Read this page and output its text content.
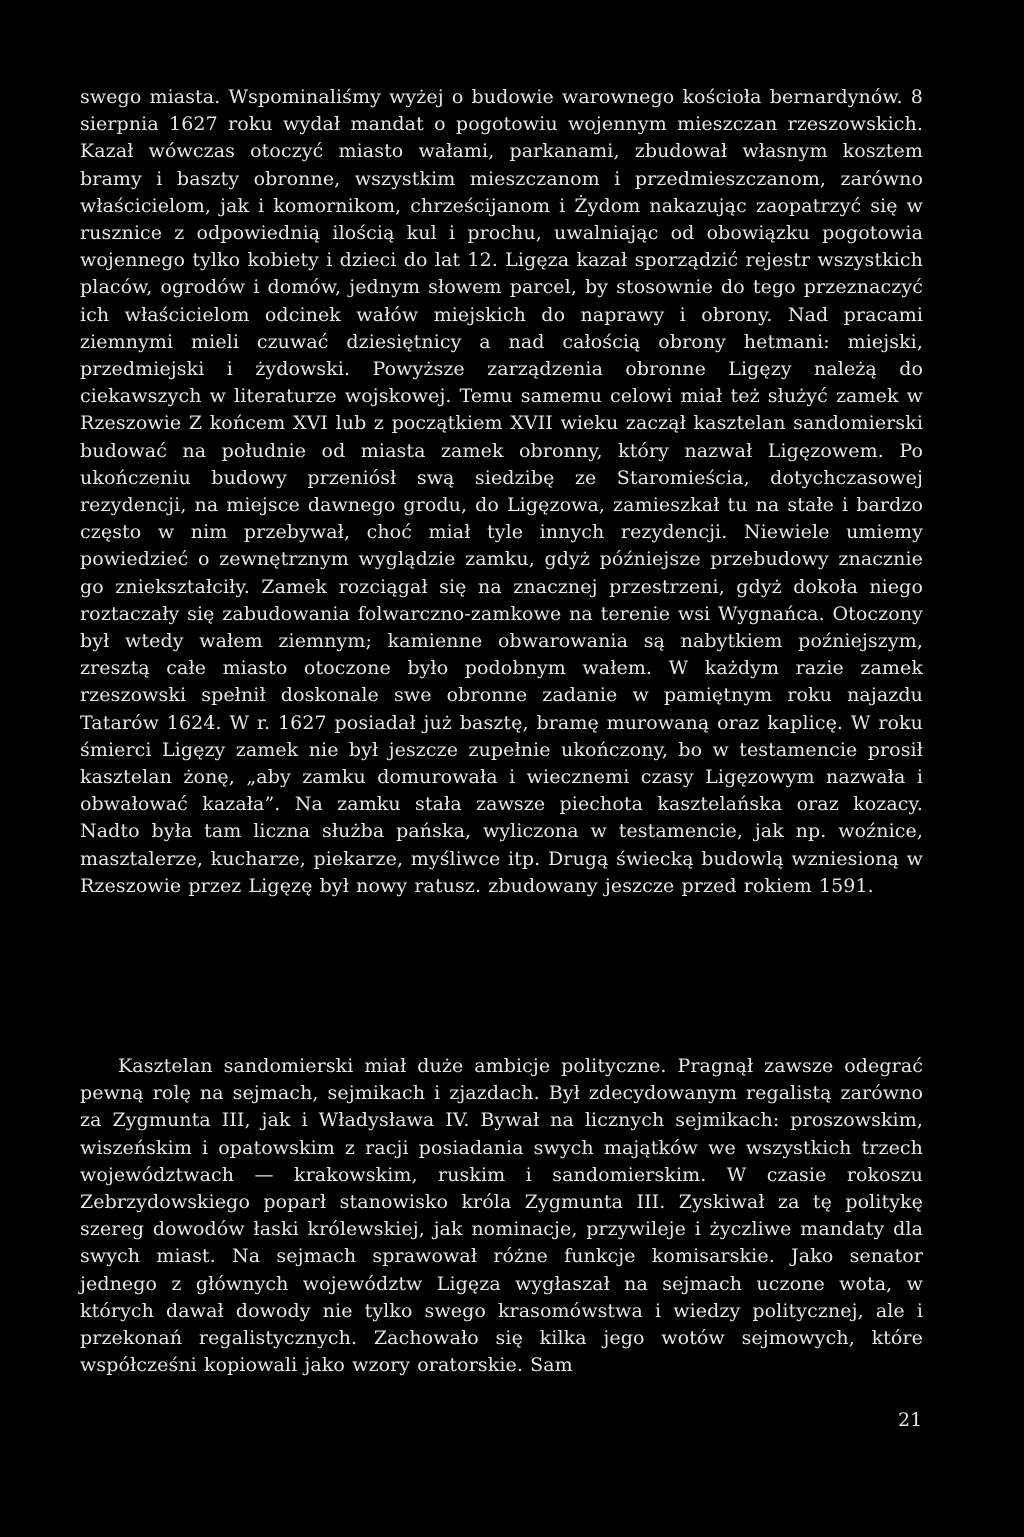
swego miasta. Wspominaliśmy wyżej o budowie warownego kościoła bernardynów. 8 sierpnia 1627 roku wydał mandat o pogotowiu wojennym mieszczan rzeszowskich. Kazał wówczas otoczyć miasto wałami, parkanami, zbudował własnym kosztem bramy i baszty obronne, wszystkim mieszczanom i przedmieszczanom, zarówno właścicielom, jak i komornikom, chrześcijanom i Żydom nakazując zaopatrzyć się w rusznice z odpowiednią ilością kul i prochu, uwalniając od obowiązku pogotowia wojennego tylko kobiety i dzieci do lat 12. Ligęza kazał sporządzić rejestr wszystkich placów, ogrodów i domów, jednym słowem parcel, by stosownie do tego przeznaczyć ich właścicielom odcinek wałów miejskich do naprawy i obrony. Nad pracami ziemnymi mieli czuwać dziesiętnicy a nad całością obrony hetmani: miejski, przedmiejski i żydowski. Powyższe zarządzenia obronne Ligęzy należą do ciekawszych w literaturze wojskowej. Temu samemu celowi miał też służyć zamek w Rzeszowie Z końcem XVI lub z początkiem XVII wieku zaczął kasztelan sandomierski budować na południe od miasta zamek obronny, który nazwał Ligęzowem. Po ukończeniu budowy przeniósł swą siedzibę ze Staromieścia, dotychczasowej rezydencji, na miejsce dawnego grodu, do Ligęzowa, zamieszkał tu na stałe i bardzo często w nim przebywał, choć miał tyle innych rezydencji. Niewiele umiemy powiedzieć o zewnętrznym wyglądzie zamku, gdyż późniejsze przebudowy znacznie go zniekształciły. Zamek rozciągał się na znacznej przestrzeni, gdyż dokoła niego roztaczały się zabudowania folwarczno-zamkowe na terenie wsi Wygnańca. Otoczony był wtedy wałem ziemnym; kamienne obwarowania są nabytkiem poźniejszym, zresztą całe miasto otoczone było podobnym wałem. W każdym razie zamek rzeszowski spełnił doskonale swe obronne zadanie w pamiętnym roku najazdu Tatarów 1624. W r. 1627 posiadał już basztę, bramę murowaną oraz kaplicę. W roku śmierci Ligęzy zamek nie był jeszcze zupełnie ukończony, bo w testamencie prosił kasztelan żonę, „aby zamku domurowała i wiecznemi czasy Ligęzowym nazwała i obwałować kazała”. Na zamku stała zawsze piechota kasztelańska oraz kozacy. Nadto była tam liczna służba pańska, wyliczona w testamencie, jak np. woźnice, masztalerze, kucharze, piekarze, myśliwce itp. Drugą świecką budowlą wzniesioną w Rzeszowie przez Ligęzę był nowy ratusz. zbudowany jeszcze przed rokiem 1591.

Kasztelan sandomierski miał duże ambicje polityczne. Pragnął zawsze odegrać pewną rolę na sejmach, sejmikach i zjazdach. Był zdecydowanym regalistą zarówno za Zygmunta III, jak i Władysława IV. Bywał na licznych sejmikach: proszowskim, wiszeńskim i opatowskim z racji posiadania swych majątków we wszystkich trzech województwach — krakowskim, ruskim i sandomierskim. W czasie rokoszu Zebrzydowskiego poparł stanowisko króla Zygmunta III. Zyskiwał za tę politykę szereg dowodów łaski królewskiej, jak nominacje, przywileje i życzliwe mandaty dla swych miast. Na sejmach sprawował różne funkcje komisarskie. Jako senator jednego z głównych województw Ligęza wygłaszał na sejmach uczone wota, w których dawał dowody nie tylko swego krasomówstwa i wiedzy politycznej, ale i przekonań regalistycznych. Zachowało się kilka jego wotów sejmowych, które współcześni kopiowali jako wzory oratorskie. Sam

21
